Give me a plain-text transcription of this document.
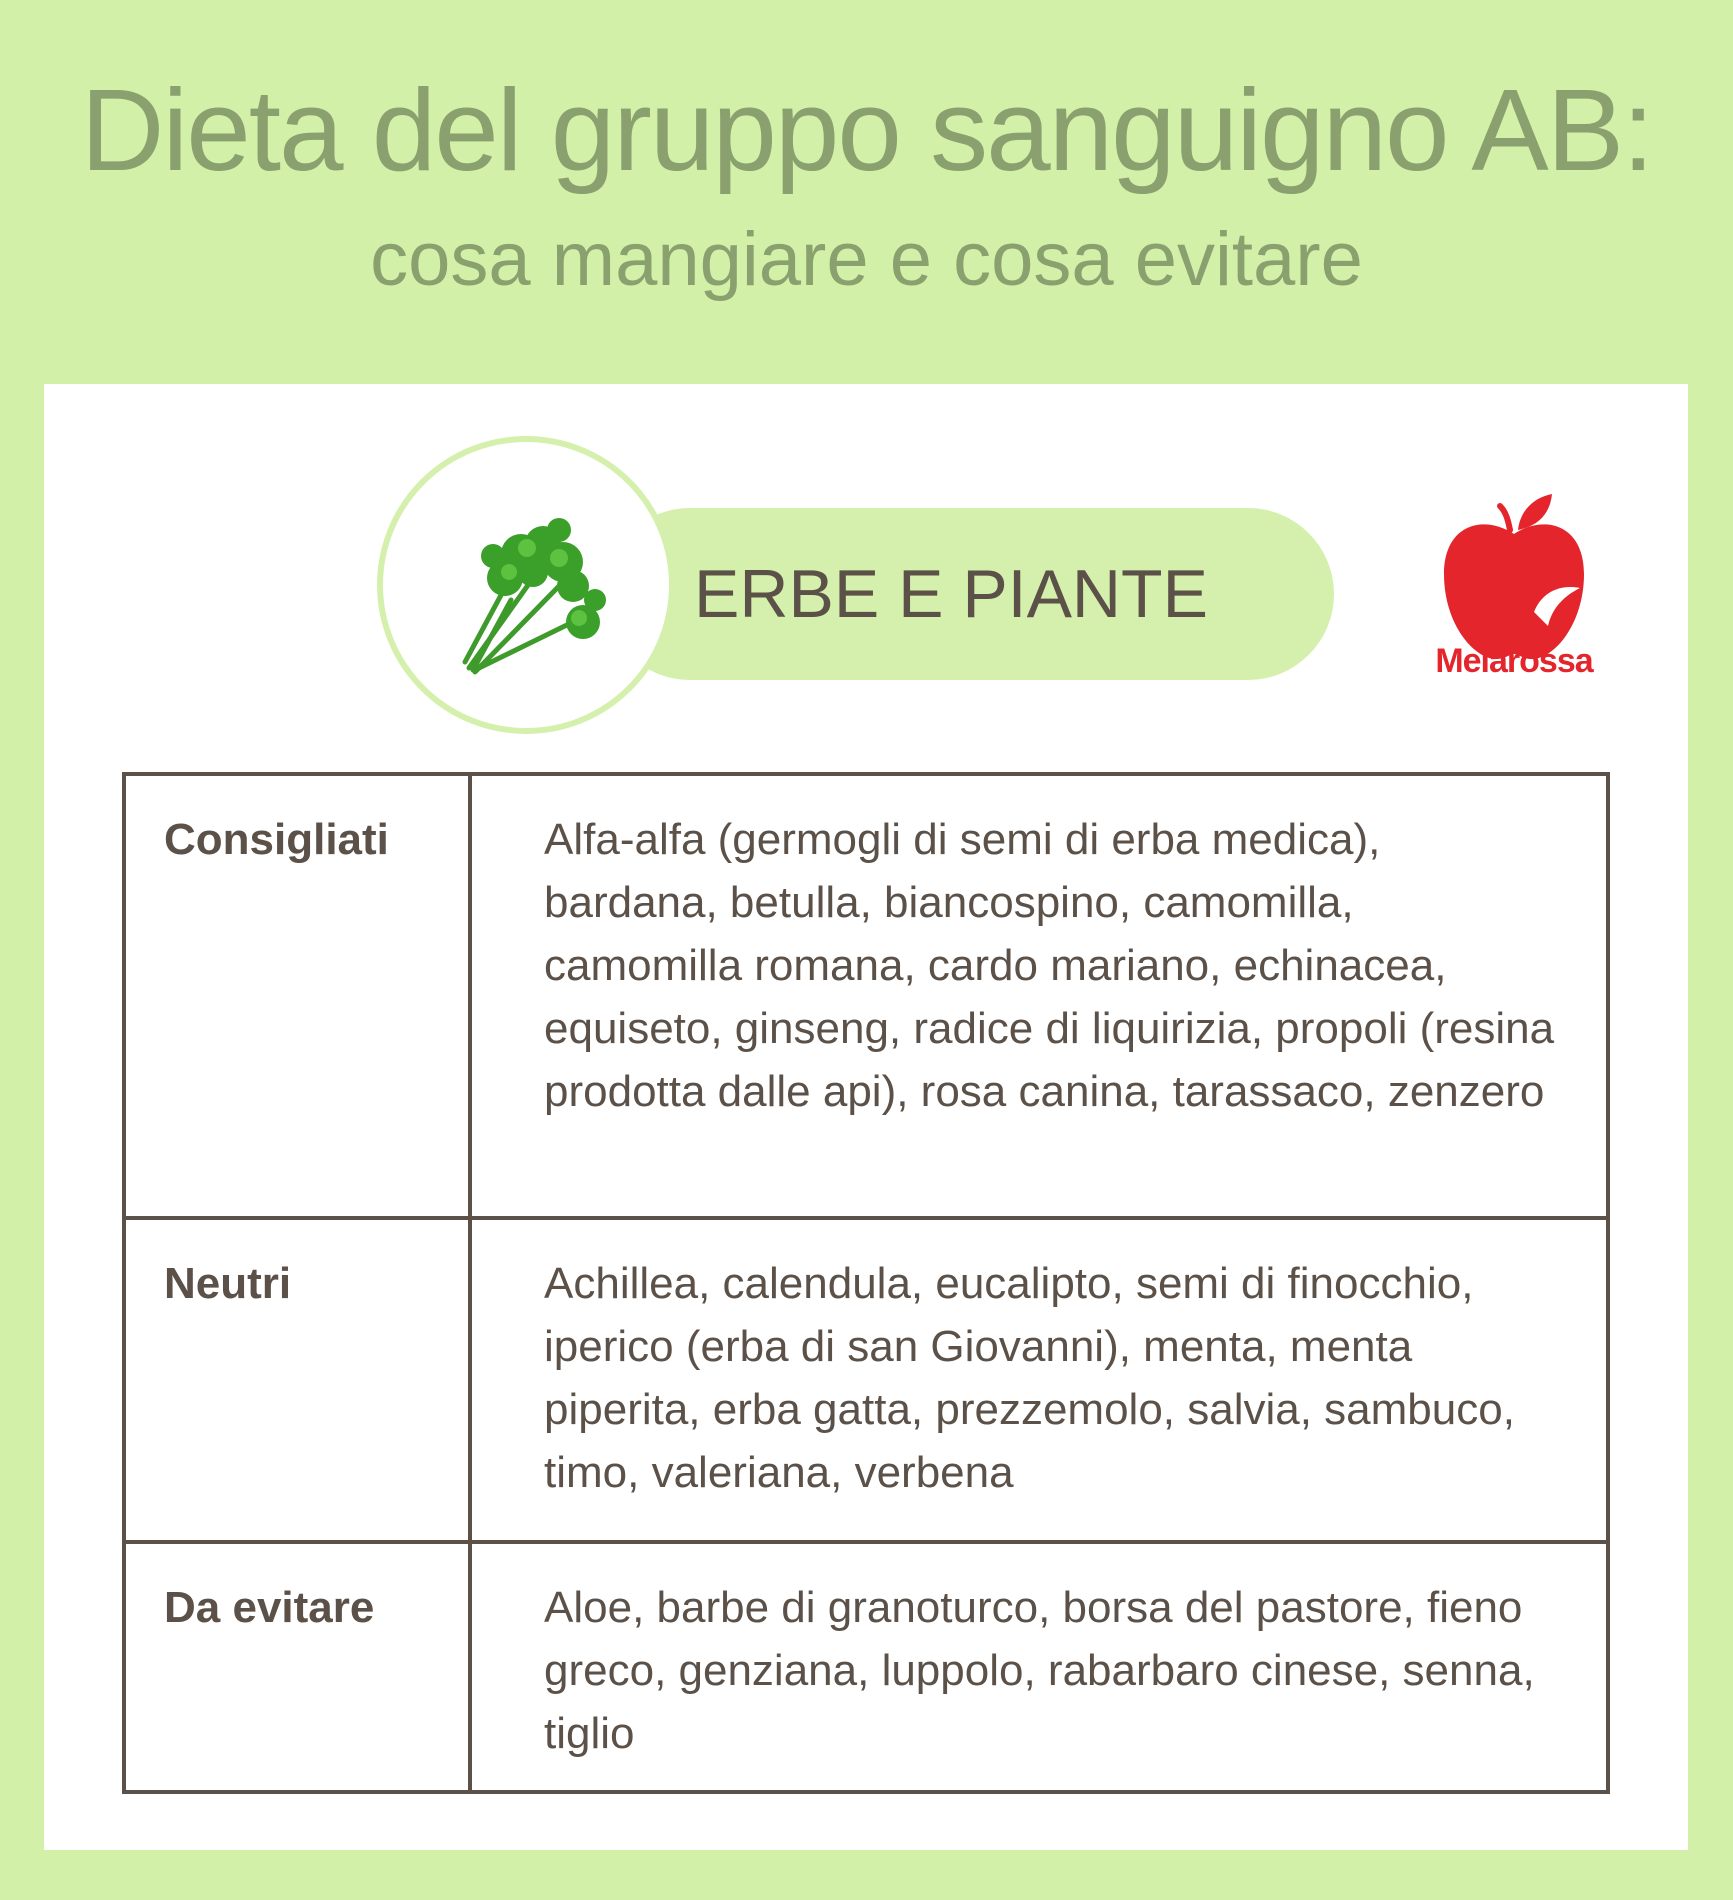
Dieta del gruppo sanguigno AB:
cosa mangiare e cosa evitare
ERBE E PIANTE
Melarossa
Consigliati	Alfa-alfa (germogli di semi di erba medica), bardana, betulla, biancospino, camomilla, camomilla romana, cardo mariano, echinacea, equiseto, ginseng, radice di liquirizia, propoli (resina prodotta dalle api), rosa canina, tarassaco, zenzero
Neutri	Achillea, calendula, eucalipto, semi di finocchio, iperico (erba di san Giovanni), menta, menta piperita, erba gatta, prezzemolo, salvia, sambuco, timo, valeriana, verbena
Da evitare	Aloe, barbe di granoturco, borsa del pastore, fieno greco, genziana, luppolo, rabarbaro cinese, senna, tiglio
